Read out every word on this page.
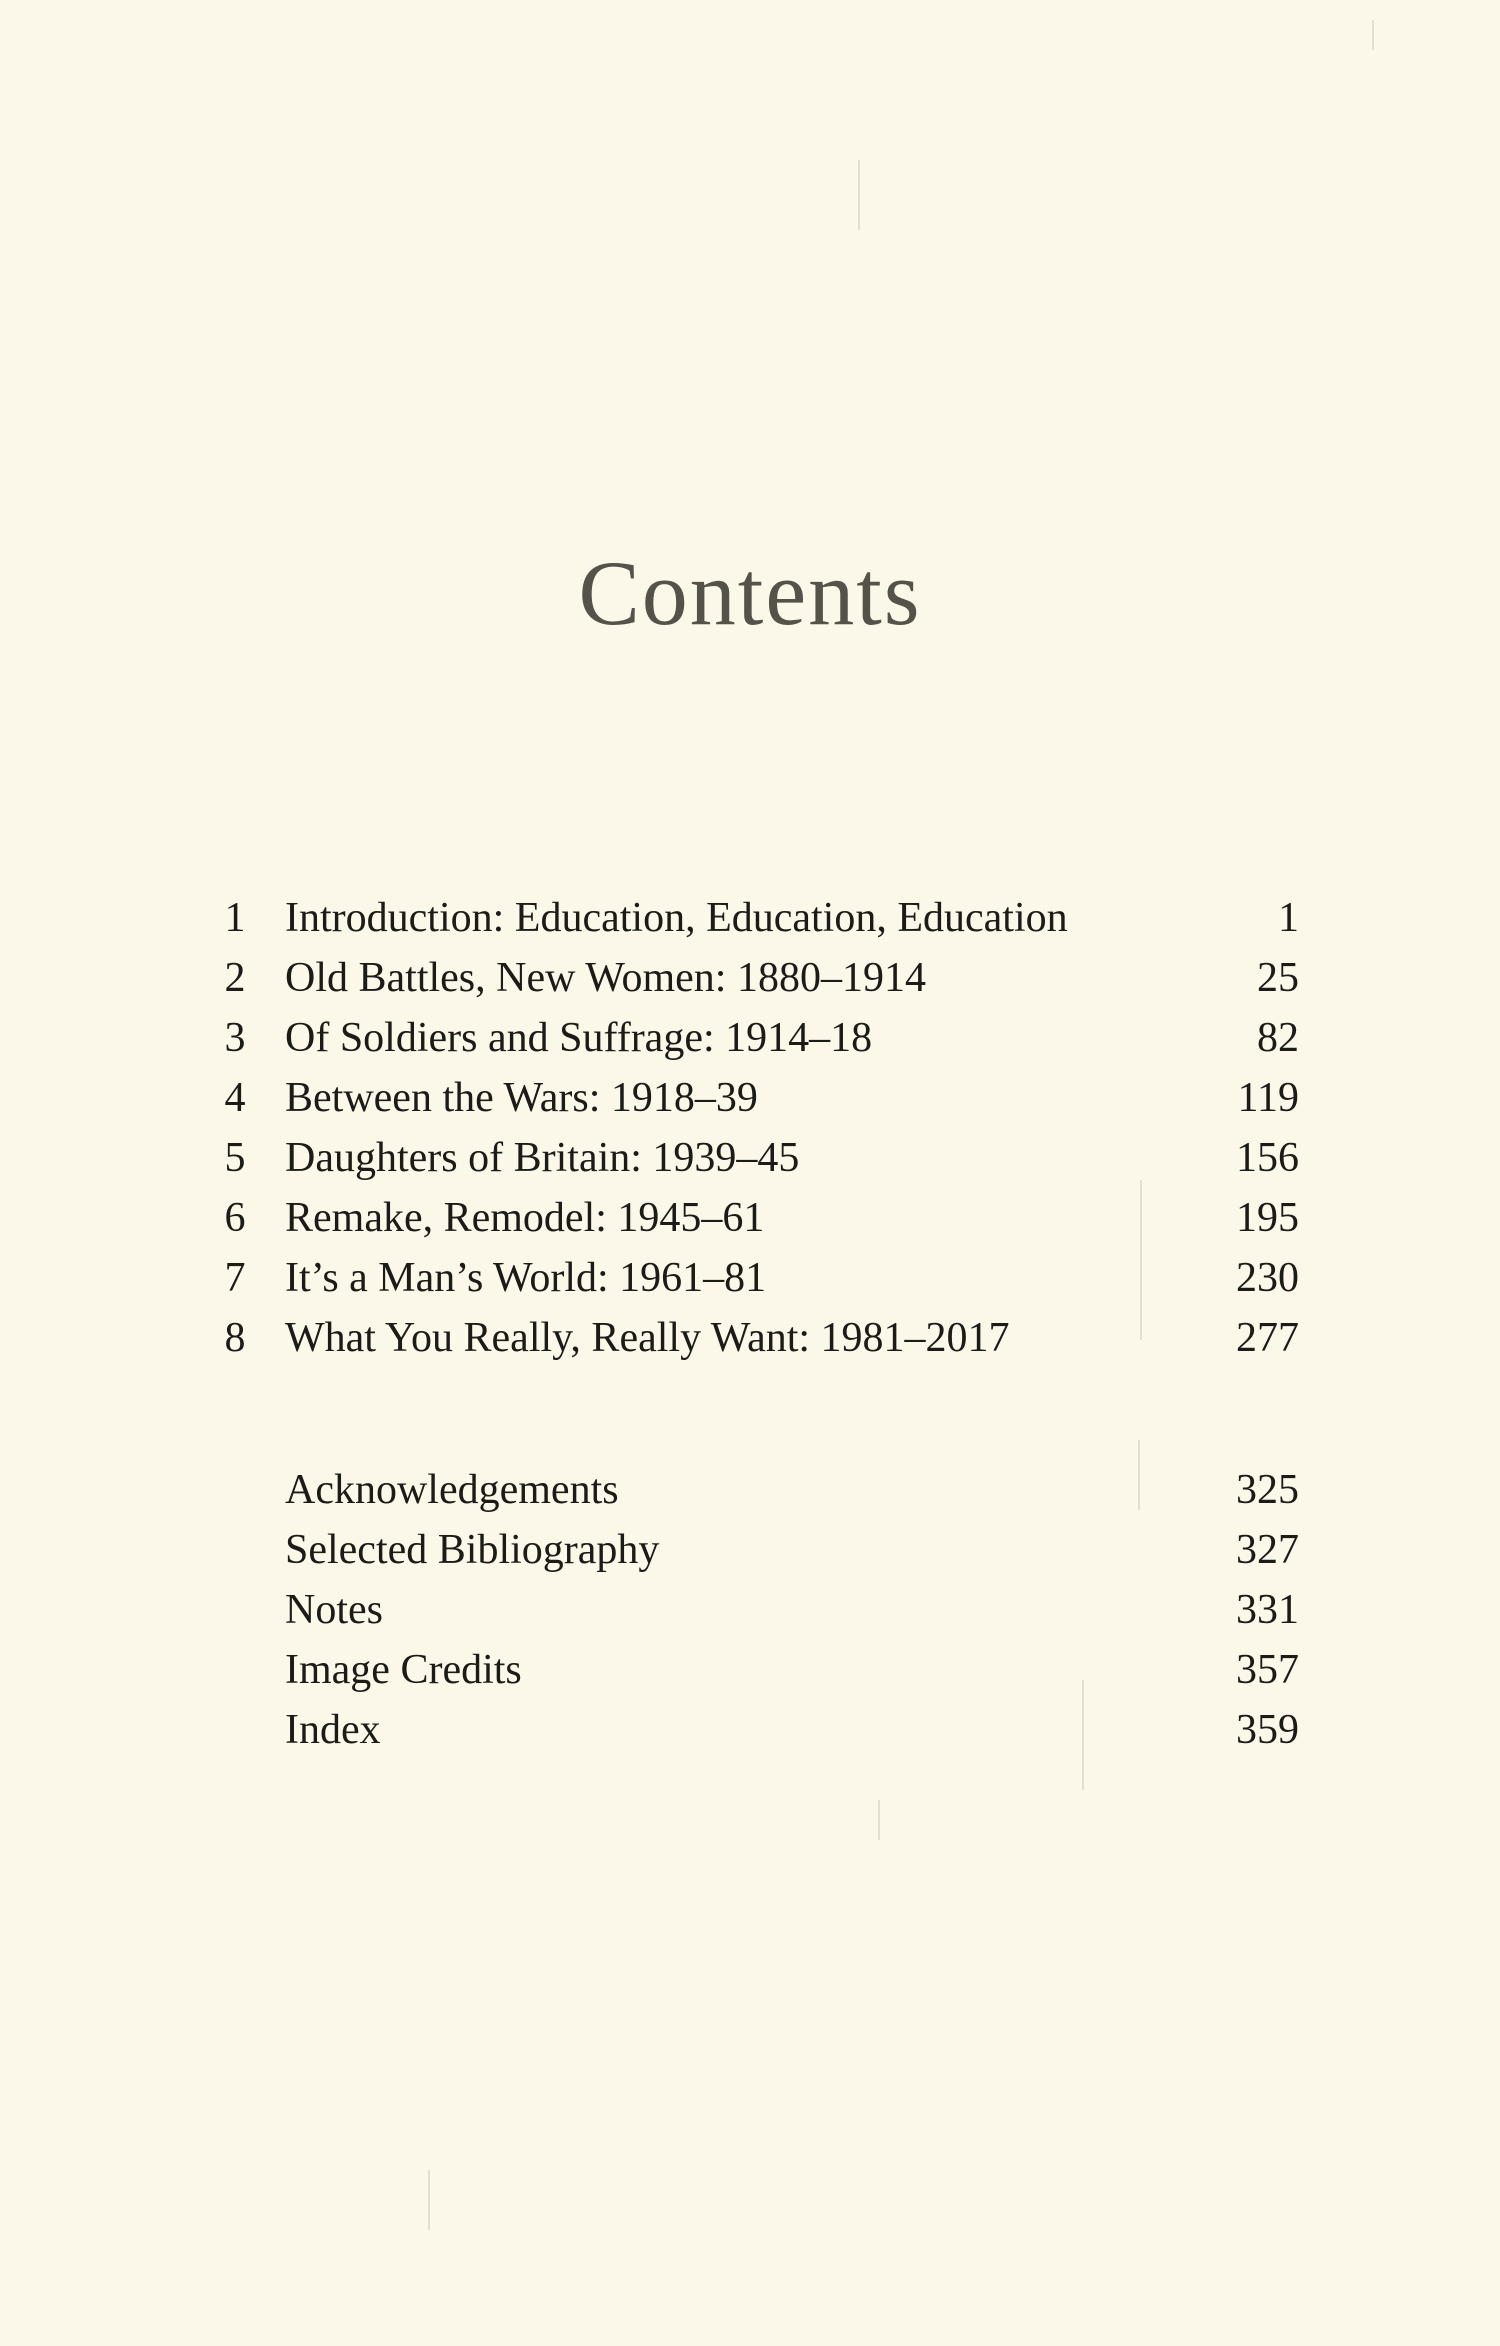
Contents
1 Introduction: Education, Education, Education	1
2 Old Battles, New Women: 1880–1914	25
3 Of Soldiers and Suffrage: 1914–18	82
4 Between the Wars: 1918–39	119
5 Daughters of Britain: 1939–45	156
6 Remake, Remodel: 1945–61	195
7 It’s a Man’s World: 1961–81	230
8 What You Really, Really Want: 1981–2017	277
Acknowledgements	325
Selected Bibliography	327
Notes	331
Image Credits	357
Index	359
